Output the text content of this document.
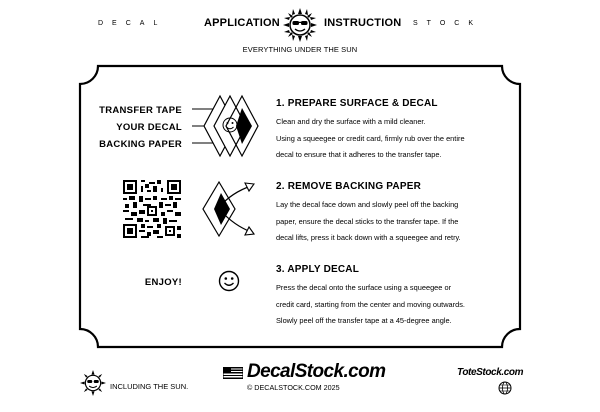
DECAL	APPLICATION	INSTRUCTION STOCK
EVERYTHING UNDER THE SUN
TRANSFER TAPE
YOUR DECAL
BACKING PAPER
1. PREPARE SURFACE & DECAL
Clean and dry the surface with a mild cleaner.
Using a squeegee or credit card, firmly rub over the entire
decal to ensure that it adheres to the transfer tape.
2. REMOVE BACKING PAPER
Lay the decal face down and slowly peel off the backing
paper, ensure the decal sticks to the transfer tape. If the
decal lifts, press it back down with a squeegee and retry.
ENJOY!
3. APPLY DECAL
Press the decal onto the surface using a squeegee or
credit card, starting from the center and moving outwards.
Slowly peel off the transfer tape at a 45-degree angle.
INCLUDING THE SUN.
DecalStock.com
© DECALSTOCK.COM 2025
ToteStock.com
